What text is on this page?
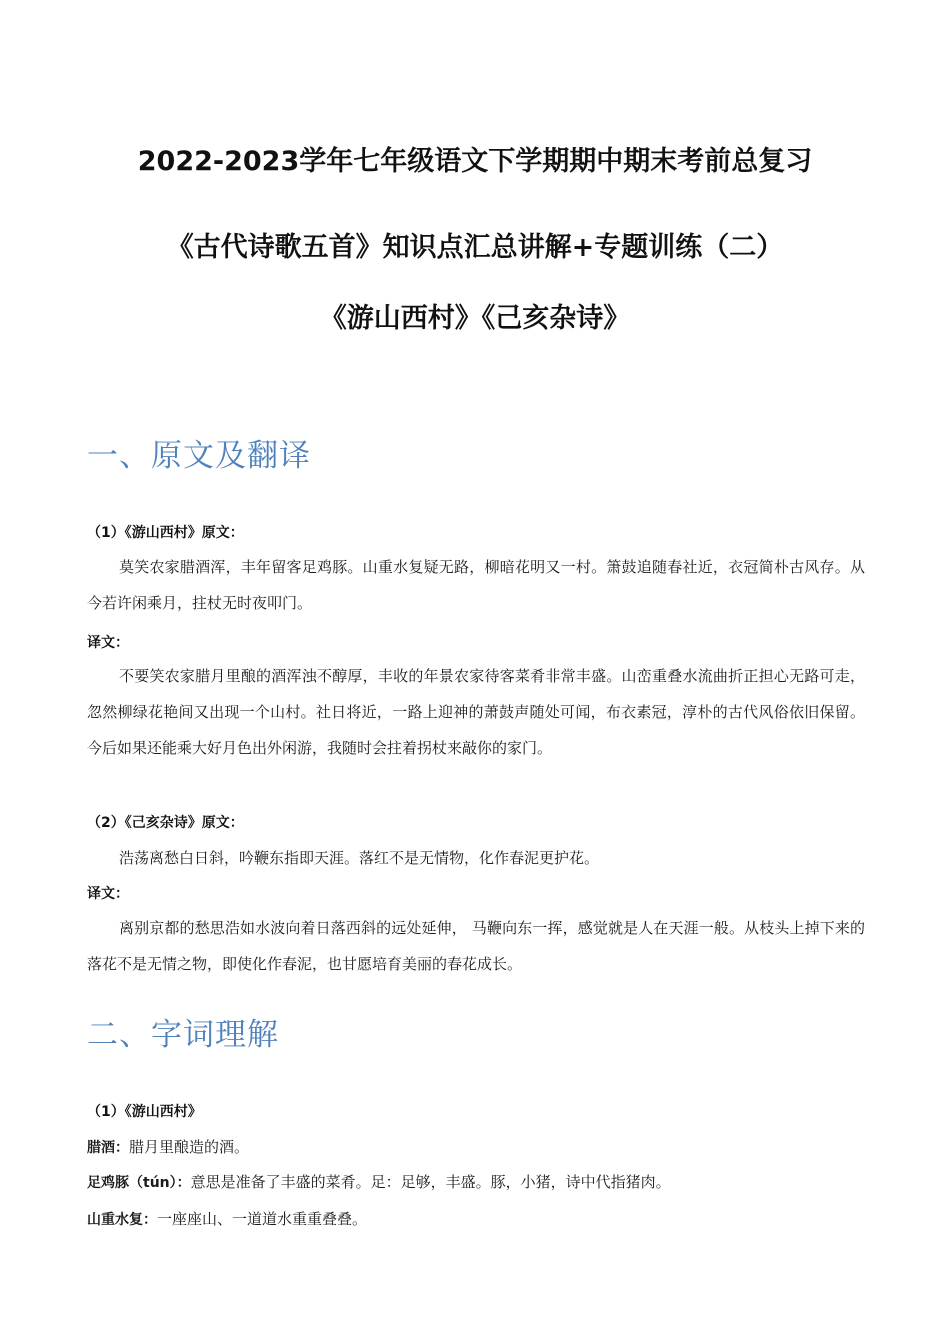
2022-2023学年七年级语文下学期期中期末考前总复习
《古代诗歌五首》知识点汇总讲解+专题训练（二）
《游山西村》《己亥杂诗》
一、原文及翻译
（1）《游山西村》原文：

莫笑农家腊酒浑，丰年留客足鸡豚。山重水复疑无路，柳暗花明又一村。箫鼓追随春社近，衣冠简朴古风存。从今若许闲乘月，拄杖无时夜叩门。

译文：

不要笑农家腊月里酿的酒浑浊不醇厚，丰收的年景农家待客菜肴非常丰盛。山峦重叠水流曲折正担心无路可走，忽然柳绿花艳间又出现一个山村。社日将近，一路上迎神的萧鼓声随处可闻，布衣素冠，淳朴的古代风俗依旧保留。今后如果还能乘大好月色出外闲游，我随时会拄着拐杖来敲你的家门。

（2）《己亥杂诗》原文：

浩荡离愁白日斜，吟鞭东指即天涯。落红不是无情物，化作春泥更护花。

译文：

离别京都的愁思浩如水波向着日落西斜的远处延伸， 马鞭向东一挥，感觉就是人在天涯一般。从枝头上掉下来的落花不是无情之物，即使化作春泥，也甘愿培育美丽的春花成长。

二、字词理解
（1）《游山西村》
腊酒：腊月里酿造的酒。
足鸡豚（tún）：意思是准备了丰盛的菜肴。足：足够，丰盛。豚，小猪，诗中代指猪肉。
山重水复：一座座山、一道道水重重叠叠。
